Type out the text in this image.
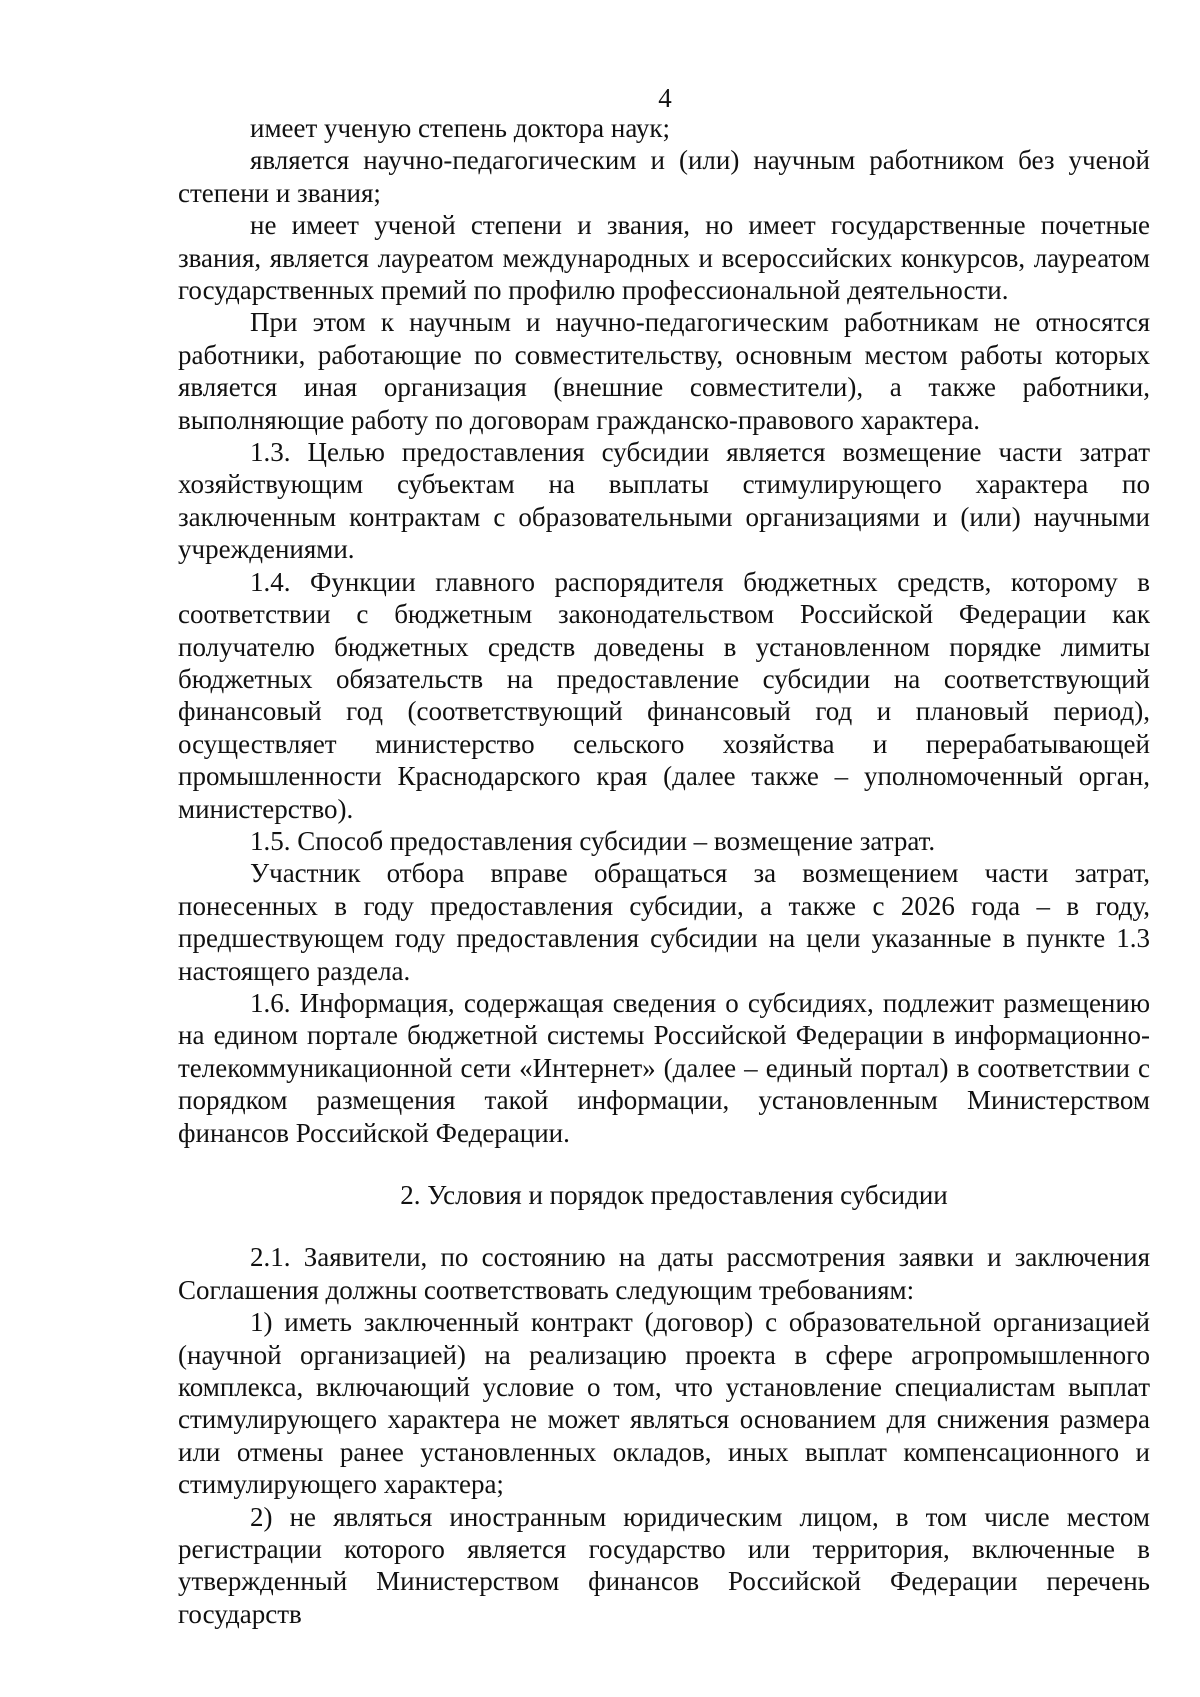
4

имеет ученую степень доктора наук;

является научно-педагогическим и (или) научным работником без ученой степени и звания;

не имеет ученой степени и звания, но имеет государственные почетные звания, является лауреатом международных и всероссийских конкурсов, лауреатом государственных премий по профилю профессиональной деятельности.

При этом к научным и научно-педагогическим работникам не относятся работники, работающие по совместительству, основным местом работы которых является иная организация (внешние совместители), а также работники, выполняющие работу по договорам гражданско-правового характера.

1.3. Целью предоставления субсидии является возмещение части затрат хозяйствующим субъектам на выплаты стимулирующего характера по заключенным контрактам с образовательными организациями и (или) научными учреждениями.

1.4. Функции главного распорядителя бюджетных средств, которому в соответствии с бюджетным законодательством Российской Федерации как получателю бюджетных средств доведены в установленном порядке лимиты бюджетных обязательств на предоставление субсидии на соответствующий финансовый год (соответствующий финансовый год и плановый период), осуществляет министерство сельского хозяйства и перерабатывающей промышленности Краснодарского края (далее также – уполномоченный орган, министерство).

1.5. Способ предоставления субсидии – возмещение затрат.

Участник отбора вправе обращаться за возмещением части затрат, понесенных в году предоставления субсидии, а также с 2026 года – в году, предшествующем году предоставления субсидии на цели указанные в пункте 1.3 настоящего раздела.

1.6. Информация, содержащая сведения о субсидиях, подлежит размещению на едином портале бюджетной системы Российской Федерации в информационно-телекоммуникационной сети «Интернет» (далее – единый портал) в соответствии с порядком размещения такой информации, установленным Министерством финансов Российской Федерации.

2. Условия и порядок предоставления субсидии

2.1. Заявители, по состоянию на даты рассмотрения заявки и заключения Соглашения должны соответствовать следующим требованиям:

1) иметь заключенный контракт (договор) с образовательной организацией (научной организацией) на реализацию проекта в сфере агропромышленного комплекса, включающий условие о том, что установление специалистам выплат стимулирующего характера не может являться основанием для снижения размера или отмены ранее установленных окладов, иных выплат компенсационного и стимулирующего характера;

2) не являться иностранным юридическим лицом, в том числе местом регистрации которого является государство или территория, включенные в утвержденный Министерством финансов Российской Федерации перечень государств
